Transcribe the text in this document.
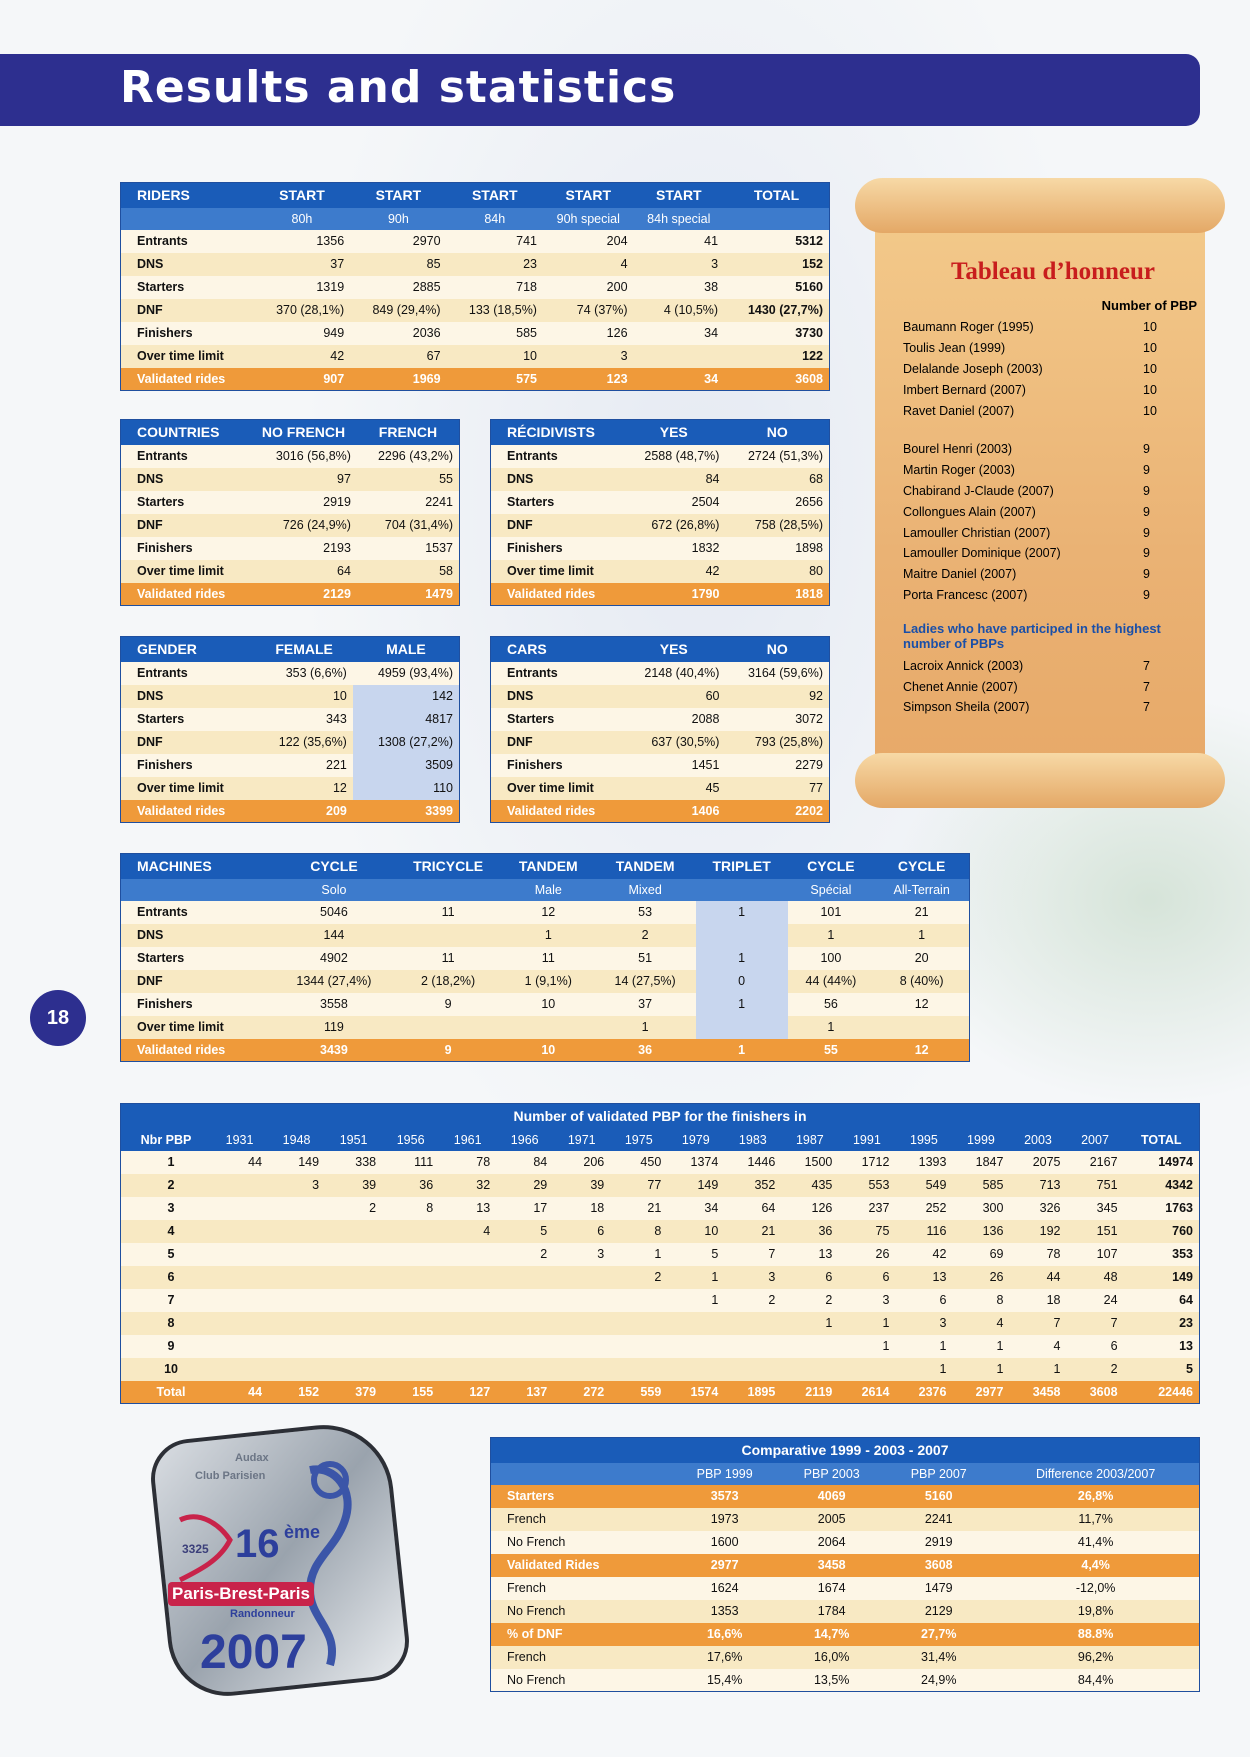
Results and statistics
18
RIDERS	START	START	START	START	START	TOTAL
	80h	90h	84h	90h special	84h special	
Entrants	1356	2970	741	204	41	5312
DNS	37	85	23	4	3	152
Starters	1319	2885	718	200	38	5160
DNF	370 (28,1%)	849 (29,4%)	133 (18,5%)	74 (37%)	4 (10,5%)	1430 (27,7%)
Finishers	949	2036	585	126	34	3730
Over time limit	42	67	10	3		122
Validated rides	907	1969	575	123	34	3608
COUNTRIES	NO FRENCH	FRENCH
Entrants	3016 (56,8%)	2296 (43,2%)
DNS	97	55
Starters	2919	2241
DNF	726 (24,9%)	704 (31,4%)
Finishers	2193	1537
Over time limit	64	58
Validated rides	2129	1479
RÉCIDIVISTS	YES	NO
Entrants	2588 (48,7%)	2724 (51,3%)
DNS	84	68
Starters	2504	2656
DNF	672 (26,8%)	758 (28,5%)
Finishers	1832	1898
Over time limit	42	80
Validated rides	1790	1818
GENDER	FEMALE	MALE
Entrants	353 (6,6%)	4959 (93,4%)
DNS	10	142
Starters	343	4817
DNF	122 (35,6%)	1308 (27,2%)
Finishers	221	3509
Over time limit	12	110
Validated rides	209	3399
CARS	YES	NO
Entrants	2148 (40,4%)	3164 (59,6%)
DNS	60	92
Starters	2088	3072
DNF	637 (30,5%)	793 (25,8%)
Finishers	1451	2279
Over time limit	45	77
Validated rides	1406	2202
MACHINES	CYCLE	TRICYCLE	TANDEM	TANDEM	TRIPLET	CYCLE	CYCLE
	Solo		Male	Mixed		Spécial	All-Terrain
Entrants	5046	11	12	53	1	101	21
DNS	144		1	2		1	1
Starters	4902	11	11	51	1	100	20
DNF	1344 (27,4%)	2 (18,2%)	1 (9,1%)	14 (27,5%)	0	44 (44%)	8 (40%)
Finishers	3558	9	10	37	1	56	12
Over time limit	119			1		1	
Validated rides	3439	9	10	36	1	55	12
Number of validated PBP for the finishers in																	
Nbr PBP	1931	1948	1951	1956	1961	1966	1971	1975	1979	1983	1987	1991	1995	1999	2003	2007	TOTAL
1	44	149	338	111	78	84	206	450	1374	1446	1500	1712	1393	1847	2075	2167	14974
2		3	39	36	32	29	39	77	149	352	435	553	549	585	713	751	4342
3			2	8	13	17	18	21	34	64	126	237	252	300	326	345	1763
4					4	5	6	8	10	21	36	75	116	136	192	151	760
5						2	3	1	5	7	13	26	42	69	78	107	353
6								2	1	3	6	6	13	26	44	48	149
7									1	2	2	3	6	8	18	24	64
8											1	1	3	4	7	7	23
9												1	1	1	4	6	13
10													1	1	1	2	5
Total	44	152	379	155	127	137	272	559	1574	1895	2119	2614	2376	2977	3458	3608	22446
Comparative 1999 - 2003 - 2007				
	PBP 1999	PBP 2003	PBP 2007	Difference 2003/2007
Starters	3573	4069	5160	26,8%
French	1973	2005	2241	11,7%
No French	1600	2064	2919	41,4%
Validated Rides	2977	3458	3608	4,4%
French	1624	1674	1479	-12,0%
No French	1353	1784	2129	19,8%
% of DNF	16,6%	14,7%	27,7%	88.8%
French	17,6%	16,0%	31,4%	96,2%
No French	15,4%	13,5%	24,9%	84,4%
Tableau d’honneur
Number of PBP
Baumann Roger (1995)	10
Toulis Jean (1999)	10
Delalande Joseph (2003)	10
Imbert Bernard (2007)	10
Ravet Daniel (2007)	10
Bourel Henri (2003)	9
Martin Roger (2003)	9
Chabirand J-Claude (2007)	9
Collongues Alain (2007)	9
Lamouller Christian (2007)	9
Lamouller Dominique (2007)	9
Maitre Daniel (2007)	9
Porta Francesc (2007)	9
Ladies who have participed in the highest number of PBPs
Lacroix Annick (2003)	7
Chenet Annie (2007)	7
Simpson Sheila (2007)	7
Audax
Club Parisien
3325 16 ème
Paris-Brest-Paris
Randonneur
2007
